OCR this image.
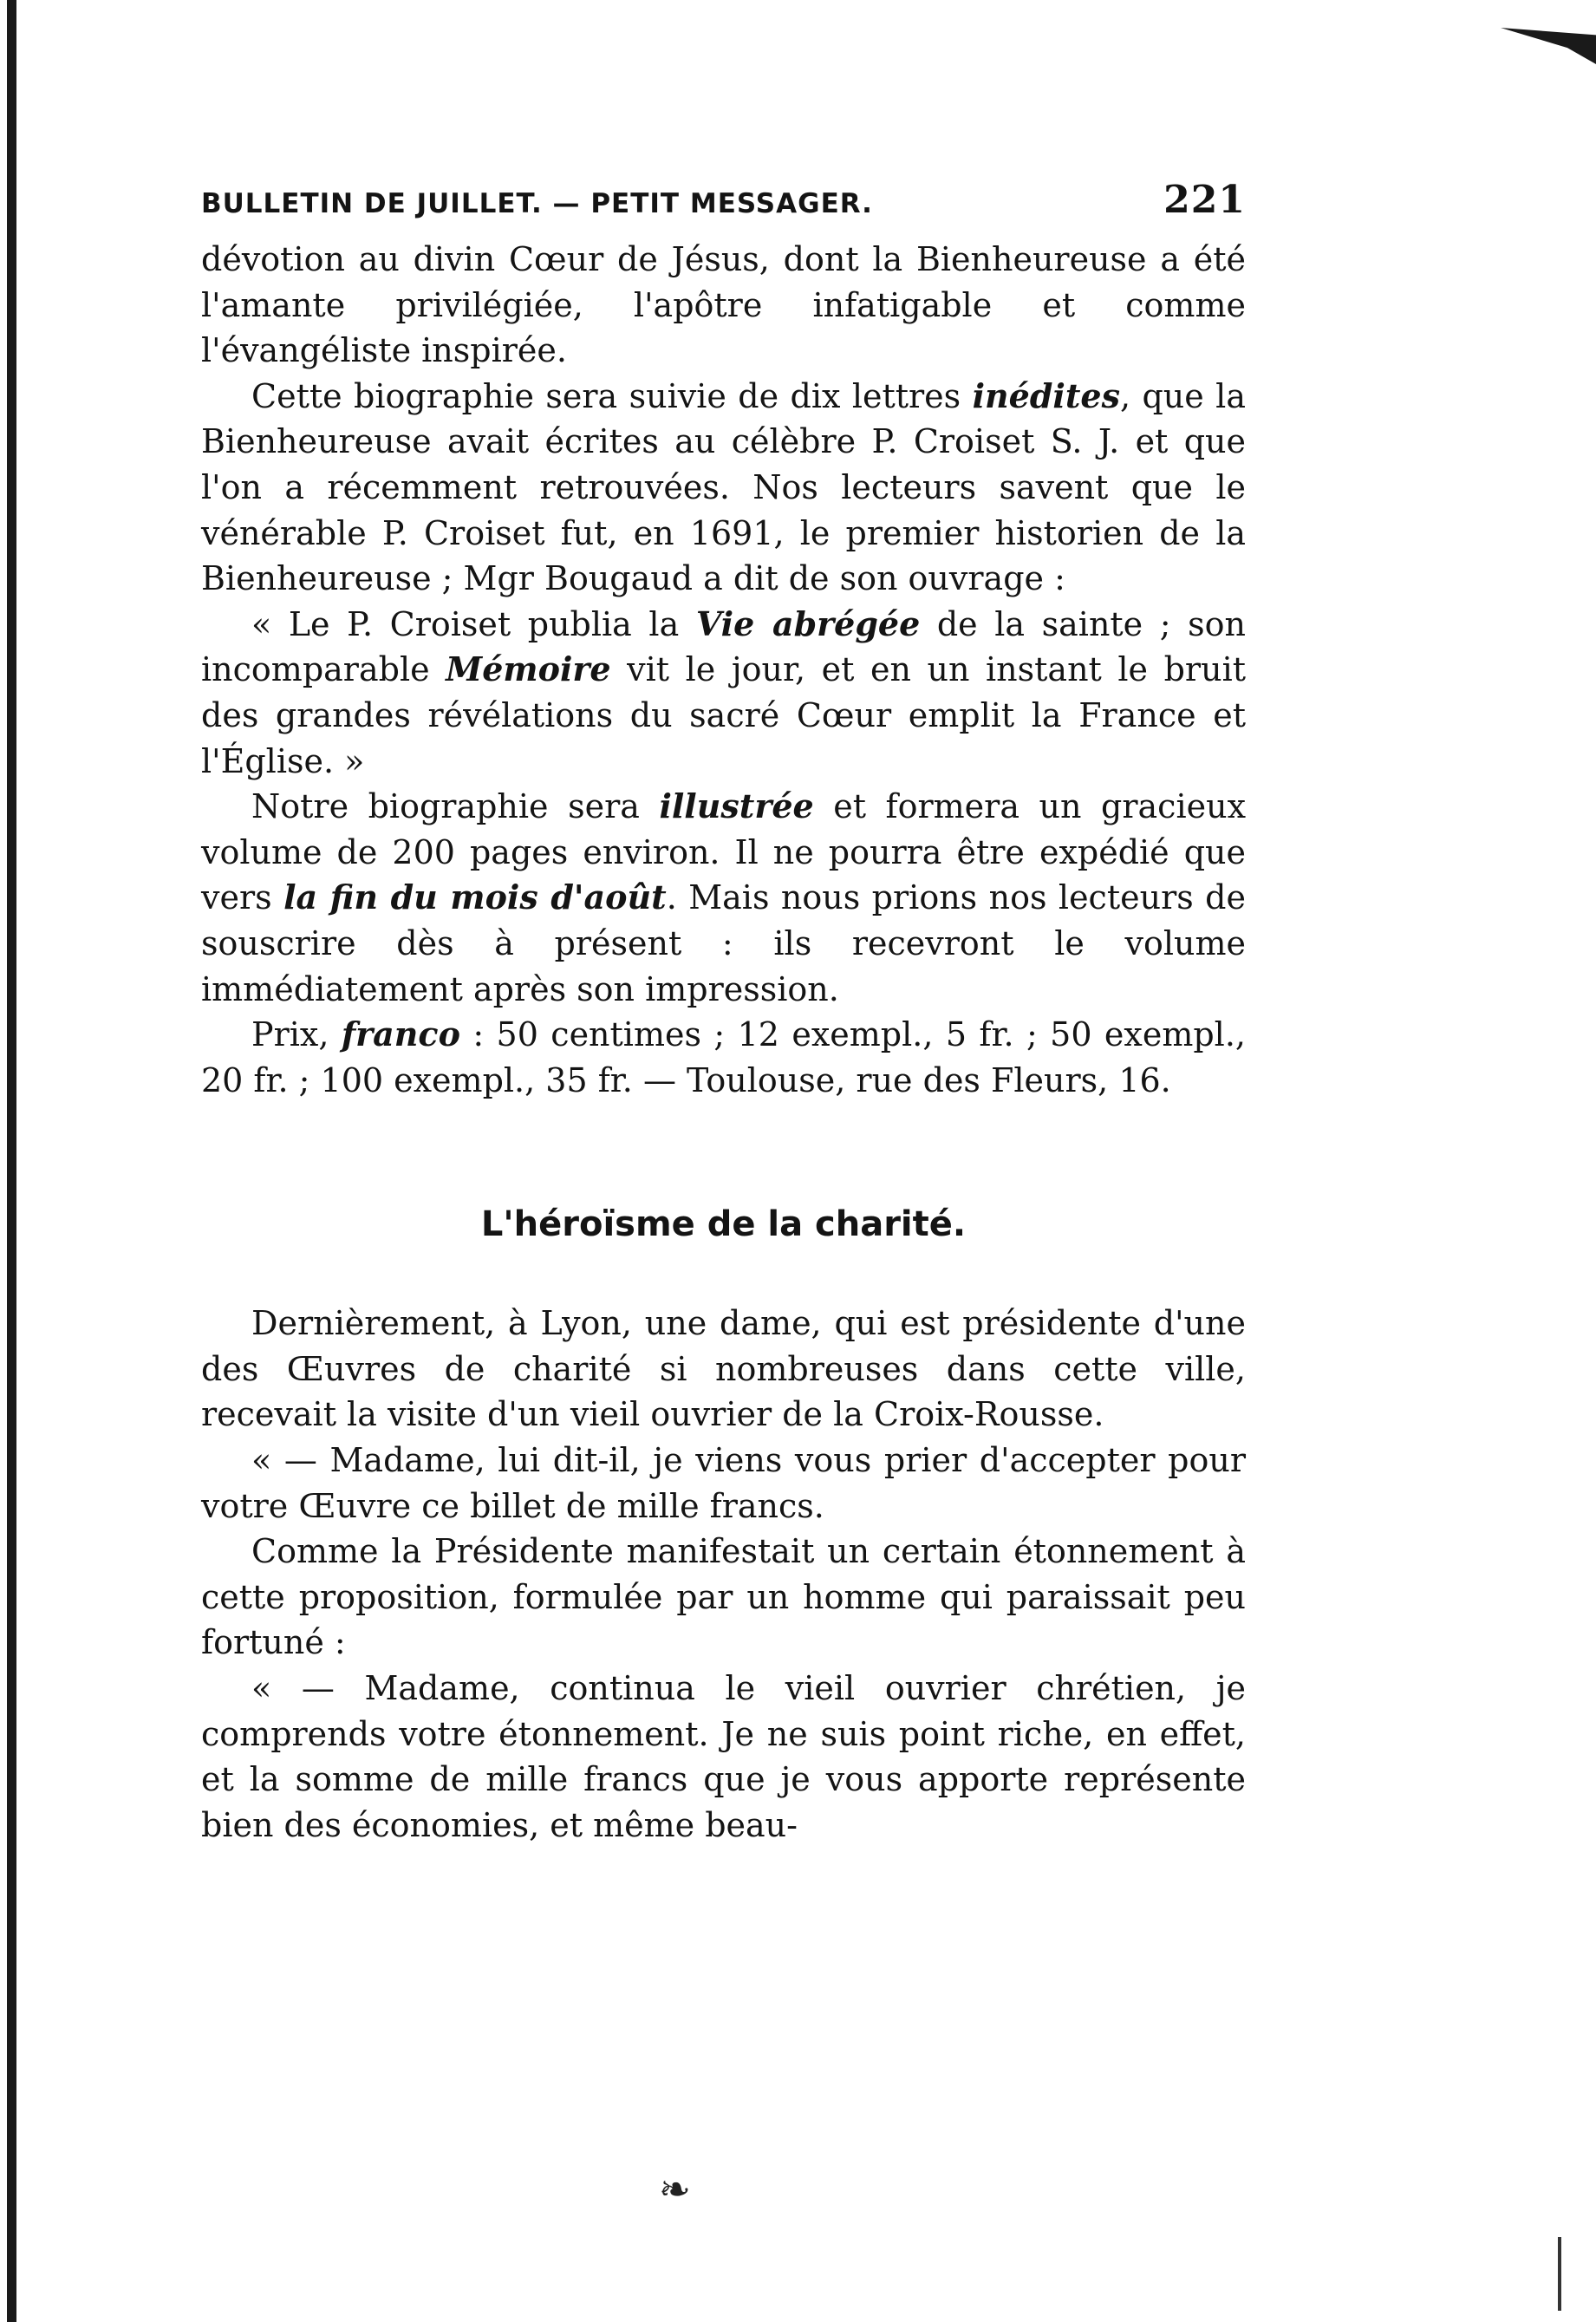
BULLETIN DE JUILLET. — PETIT MESSAGER.	221

dévotion au divin Cœur de Jésus, dont la Bienheureuse a été l'amante privilégiée, l'apôtre infatigable et comme l'évangéliste inspirée.

Cette biographie sera suivie de dix lettres inédites, que la Bienheureuse avait écrites au célèbre P. Croiset S. J. et que l'on a récemment retrouvées. Nos lecteurs savent que le vénérable P. Croiset fut, en 1691, le premier historien de la Bienheureuse ; Mgr Bougaud a dit de son ouvrage :

« Le P. Croiset publia la Vie abrégée de la sainte ; son incomparable Mémoire vit le jour, et en un instant le bruit des grandes révélations du sacré Cœur emplit la France et l'Église. »

Notre biographie sera illustrée et formera un gracieux volume de 200 pages environ. Il ne pourra être expédié que vers la fin du mois d'août. Mais nous prions nos lecteurs de souscrire dès à présent : ils recevront le volume immédiatement après son impression.

Prix, franco : 50 centimes ; 12 exempl., 5 fr. ; 50 exempl., 20 fr. ; 100 exempl., 35 fr. — Toulouse, rue des Fleurs, 16.

L'héroïsme de la charité.

Dernièrement, à Lyon, une dame, qui est présidente d'une des Œuvres de charité si nombreuses dans cette ville, recevait la visite d'un vieil ouvrier de la Croix-Rousse.

« — Madame, lui dit-il, je viens vous prier d'accepter pour votre Œuvre ce billet de mille francs.

Comme la Présidente manifestait un certain étonnement à cette proposition, formulée par un homme qui paraissait peu fortuné :

« — Madame, continua le vieil ouvrier chrétien, je comprends votre étonnement. Je ne suis point riche, en effet, et la somme de mille francs que je vous apporte représente bien des économies, et même beau-

❧
